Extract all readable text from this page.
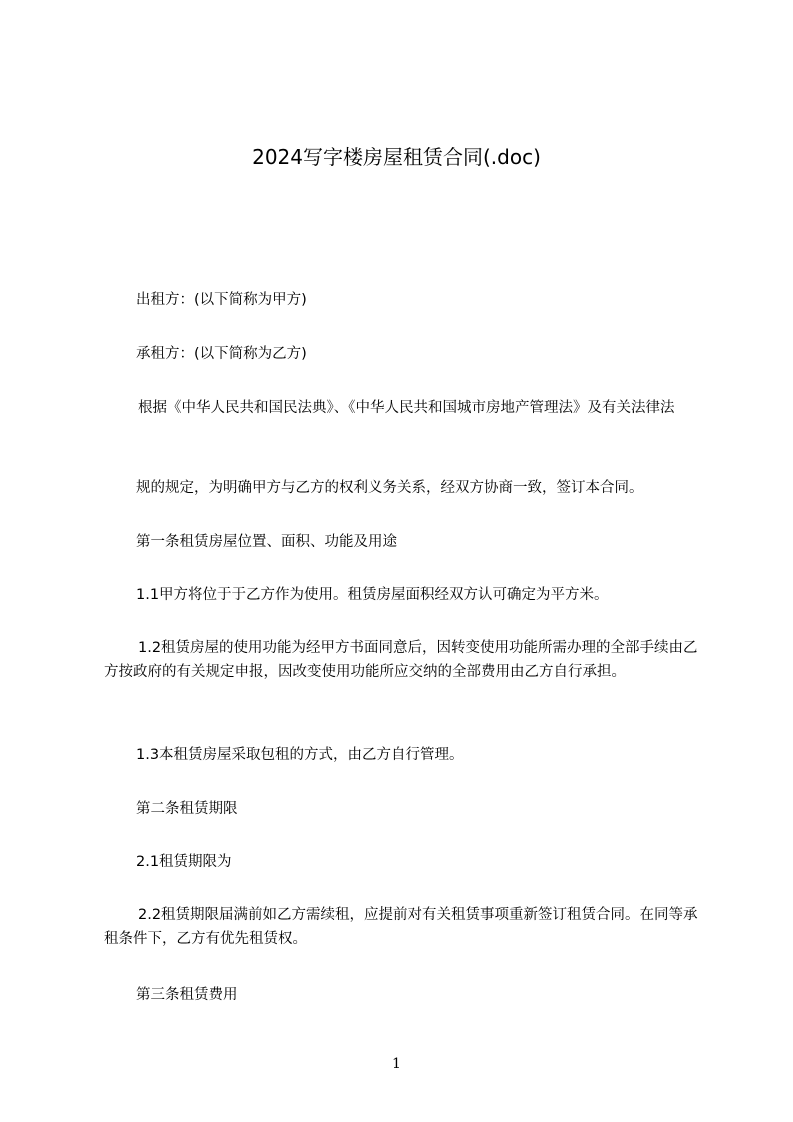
2024写字楼房屋租赁合同(.doc)
出租方：(以下简称为甲方)
承租方：(以下简称为乙方)
根据《中华人民共和国民法典》、《中华人民共和国城市房地产管理法》及有关法律法
规的规定，为明确甲方与乙方的权利义务关系，经双方协商一致，签订本合同。
第一条租赁房屋位置、面积、功能及用途
1.1甲方将位于于乙方作为使用。租赁房屋面积经双方认可确定为平方米。
1.2租赁房屋的使用功能为经甲方书面同意后，因转变使用功能所需办理的全部手续由乙方按政府的有关规定申报，因改变使用功能所应交纳的全部费用由乙方自行承担。
1.3本租赁房屋采取包租的方式，由乙方自行管理。
第二条租赁期限
2.1租赁期限为
2.2租赁期限届满前如乙方需续租，应提前对有关租赁事项重新签订租赁合同。在同等承租条件下，乙方有优先租赁权。
第三条租赁费用
1
